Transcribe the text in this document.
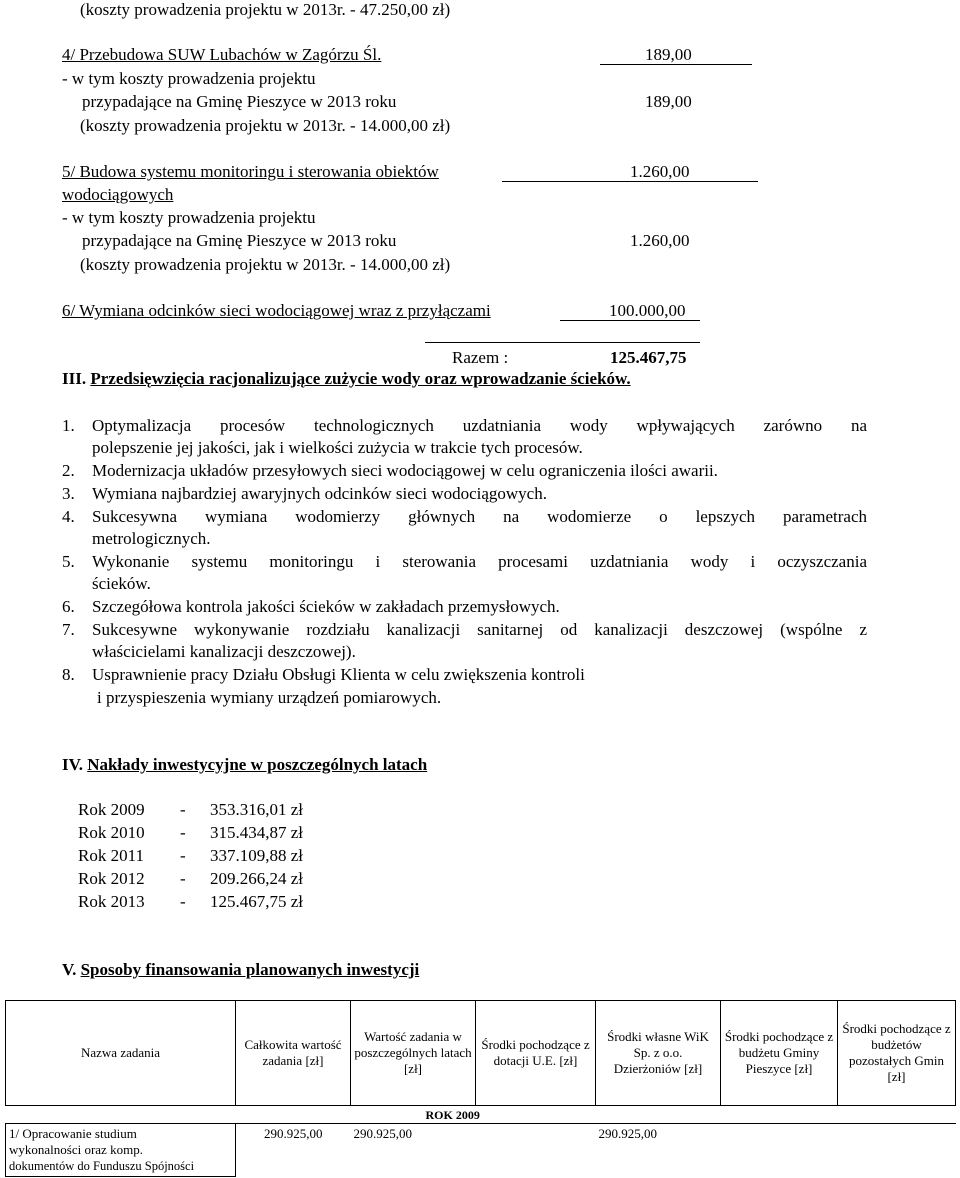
(koszty prowadzenia projektu w 2013r. - 47.250,00 zł)
4/ Przebudowa SUW Lubachów w Zagórzu Śl.	189,00
- w tym koszty prowadzenia projektu
przypadające na Gminę Pieszyce w 2013 roku	189,00
(koszty prowadzenia projektu w 2013r. - 14.000,00 zł)
5/ Budowa systemu monitoringu i sterowania obiektów	1.260,00
wodociągowych
- w tym koszty prowadzenia projektu
przypadające na Gminę Pieszyce w 2013 roku	1.260,00
(koszty prowadzenia projektu w 2013r. - 14.000,00 zł)
6/ Wymiana odcinków sieci wodociągowej wraz z przyłączami	100.000,00
Razem :	125.467,75
III. Przedsięwzięcia racjonalizujące zużycie wody oraz wprowadzanie ścieków.
1. Optymalizacja procesów technologicznych uzdatniania wody wpływających zarówno na
polepszenie jej jakości, jak i wielkości zużycia w trakcie tych procesów.
2. Modernizacja układów przesyłowych sieci wodociągowej w celu ograniczenia ilości awarii.
3. Wymiana najbardziej awaryjnych odcinków sieci wodociągowych.
4. Sukcesywna wymiana wodomierzy głównych na wodomierze o lepszych parametrach
metrologicznych.
5. Wykonanie systemu monitoringu i sterowania procesami uzdatniania wody i oczyszczania
ścieków.
6. Szczegółowa kontrola jakości ścieków w zakładach przemysłowych.
7. Sukcesywne wykonywanie rozdziału kanalizacji sanitarnej od kanalizacji deszczowej (wspólne z
właścicielami kanalizacji deszczowej).
8. Usprawnienie pracy Działu Obsługi Klienta w celu zwiększenia kontroli
i przyspieszenia wymiany urządzeń pomiarowych.
IV. Nakłady inwestycyjne w poszczególnych latach
Rok 2009 - 353.316,01 zł
Rok 2010 - 315.434,87 zł
Rok 2011 - 337.109,88 zł
Rok 2012 - 209.266,24 zł
Rok 2013 - 125.467,75 zł
V. Sposoby finansowania planowanych inwestycji
Nazwa zadania	Całkowita wartość zadania [zł]	Wartość zadania w poszczególnych latach [zł]	Środki pochodzące z dotacji U.E. [zł]	Środki własne WiK Sp. z o.o. Dzierżoniów [zł]	Środki pochodzące z budżetu Gminy Pieszyce [zł]	Środki pochodzące z budżetów pozostałych Gmin [zł]
	ROK 2009					

1/ Opracowanie studium
wykonalności oraz komp.
dokumentów do Funduszu Spójności	290.925,00	290.925,00		290.925,00		
